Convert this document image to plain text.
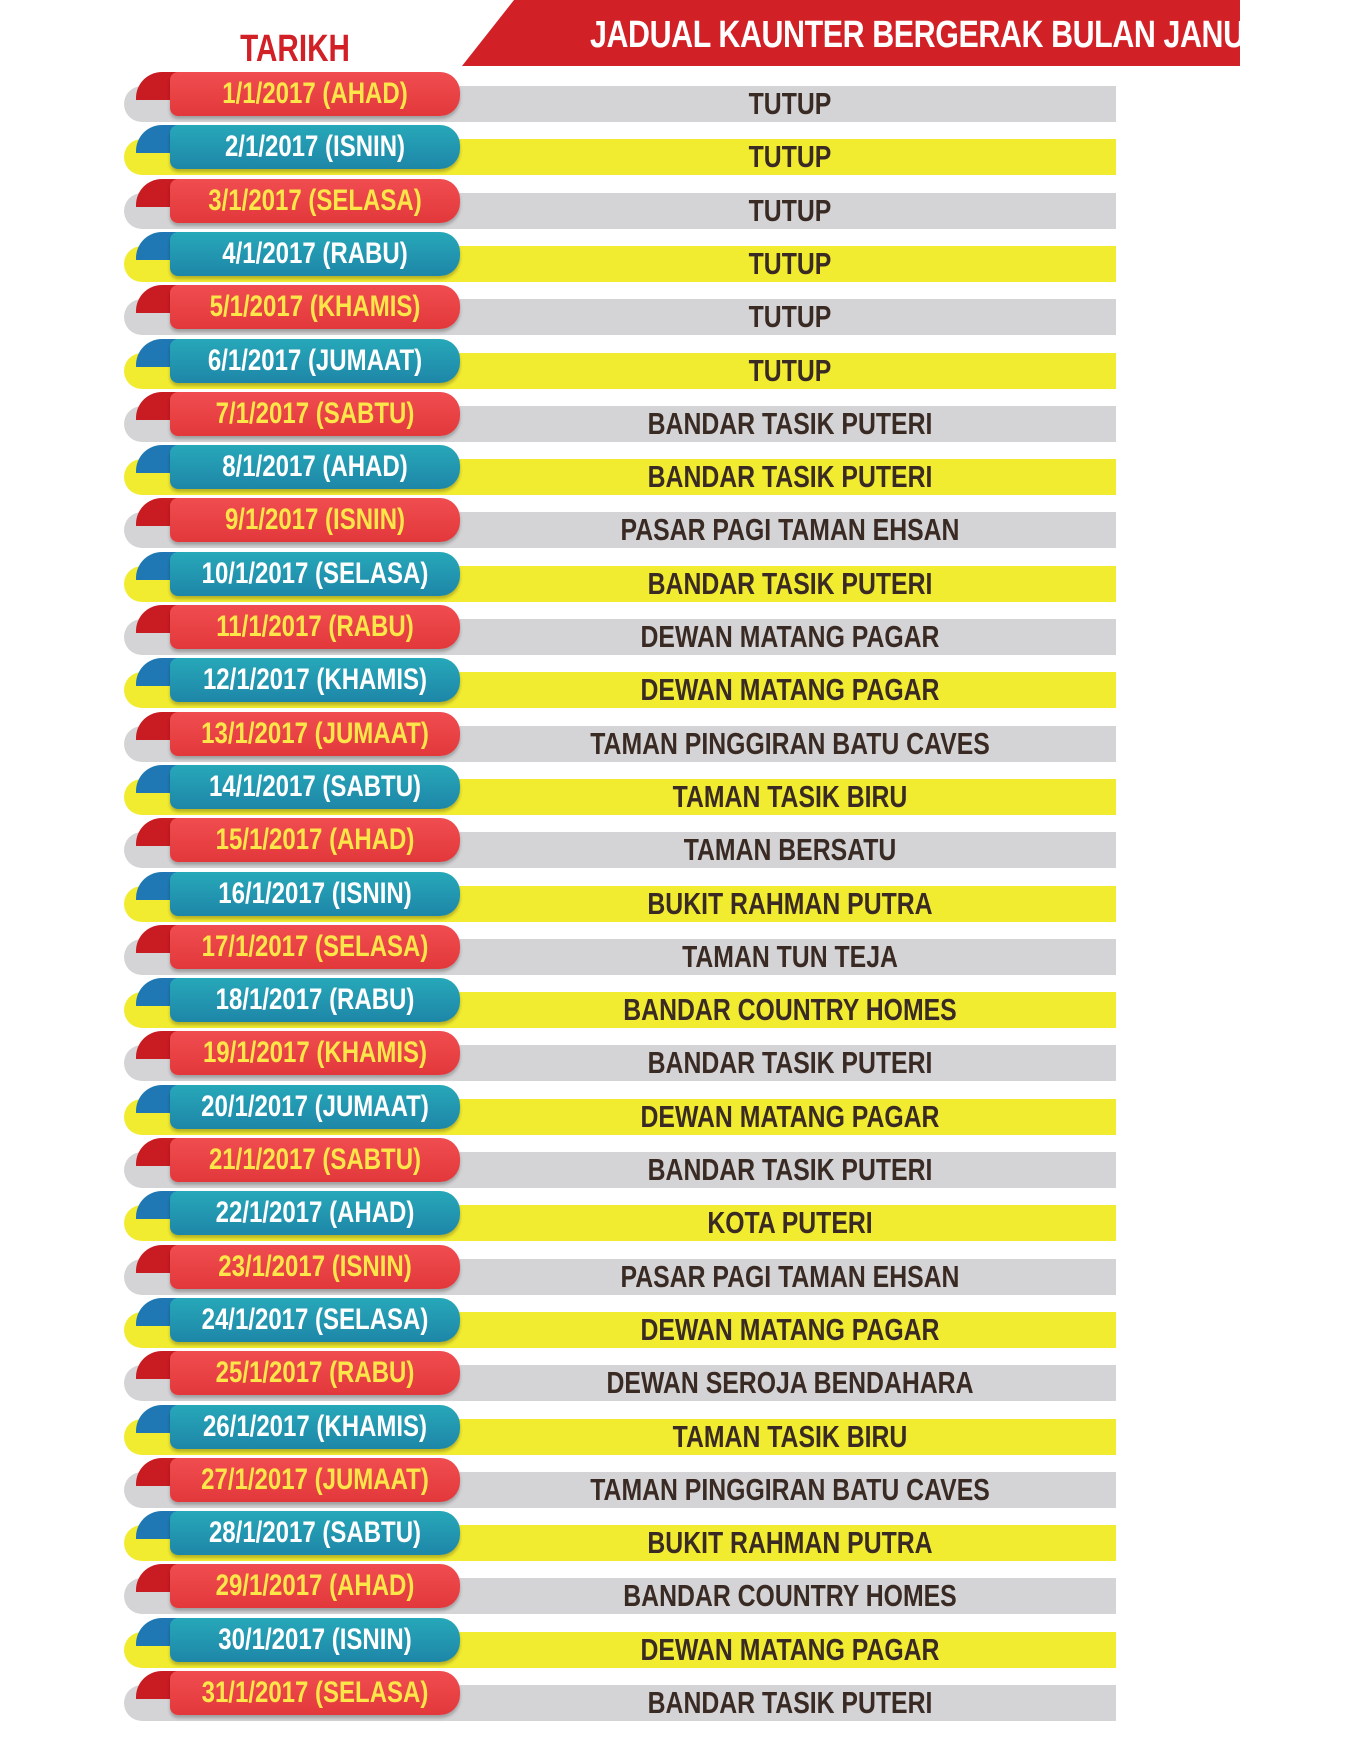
JADUAL KAUNTER BERGERAK BULAN JANUARI 2017
TARIKH
1/1/2017 (AHAD)	TUTUP
2/1/2017 (ISNIN)	TUTUP
3/1/2017 (SELASA)	TUTUP
4/1/2017 (RABU)	TUTUP
5/1/2017 (KHAMIS)	TUTUP
6/1/2017 (JUMAAT)	TUTUP
7/1/2017 (SABTU)	BANDAR TASIK PUTERI
8/1/2017 (AHAD)	BANDAR TASIK PUTERI
9/1/2017 (ISNIN)	PASAR PAGI TAMAN EHSAN
10/1/2017 (SELASA)	BANDAR TASIK PUTERI
11/1/2017 (RABU)	DEWAN MATANG PAGAR
12/1/2017 (KHAMIS)	DEWAN MATANG PAGAR
13/1/2017 (JUMAAT)	TAMAN PINGGIRAN BATU CAVES
14/1/2017 (SABTU)	TAMAN TASIK BIRU
15/1/2017 (AHAD)	TAMAN BERSATU
16/1/2017 (ISNIN)	BUKIT RAHMAN PUTRA
17/1/2017 (SELASA)	TAMAN TUN TEJA
18/1/2017 (RABU)	BANDAR COUNTRY HOMES
19/1/2017 (KHAMIS)	BANDAR TASIK PUTERI
20/1/2017 (JUMAAT)	DEWAN MATANG PAGAR
21/1/2017 (SABTU)	BANDAR TASIK PUTERI
22/1/2017 (AHAD)	KOTA PUTERI
23/1/2017 (ISNIN)	PASAR PAGI TAMAN EHSAN
24/1/2017 (SELASA)	DEWAN MATANG PAGAR
25/1/2017 (RABU)	DEWAN SEROJA BENDAHARA
26/1/2017 (KHAMIS)	TAMAN TASIK BIRU
27/1/2017 (JUMAAT)	TAMAN PINGGIRAN BATU CAVES
28/1/2017 (SABTU)	BUKIT RAHMAN PUTRA
29/1/2017 (AHAD)	BANDAR COUNTRY HOMES
30/1/2017 (ISNIN)	DEWAN MATANG PAGAR
31/1/2017 (SELASA)	BANDAR TASIK PUTERI
